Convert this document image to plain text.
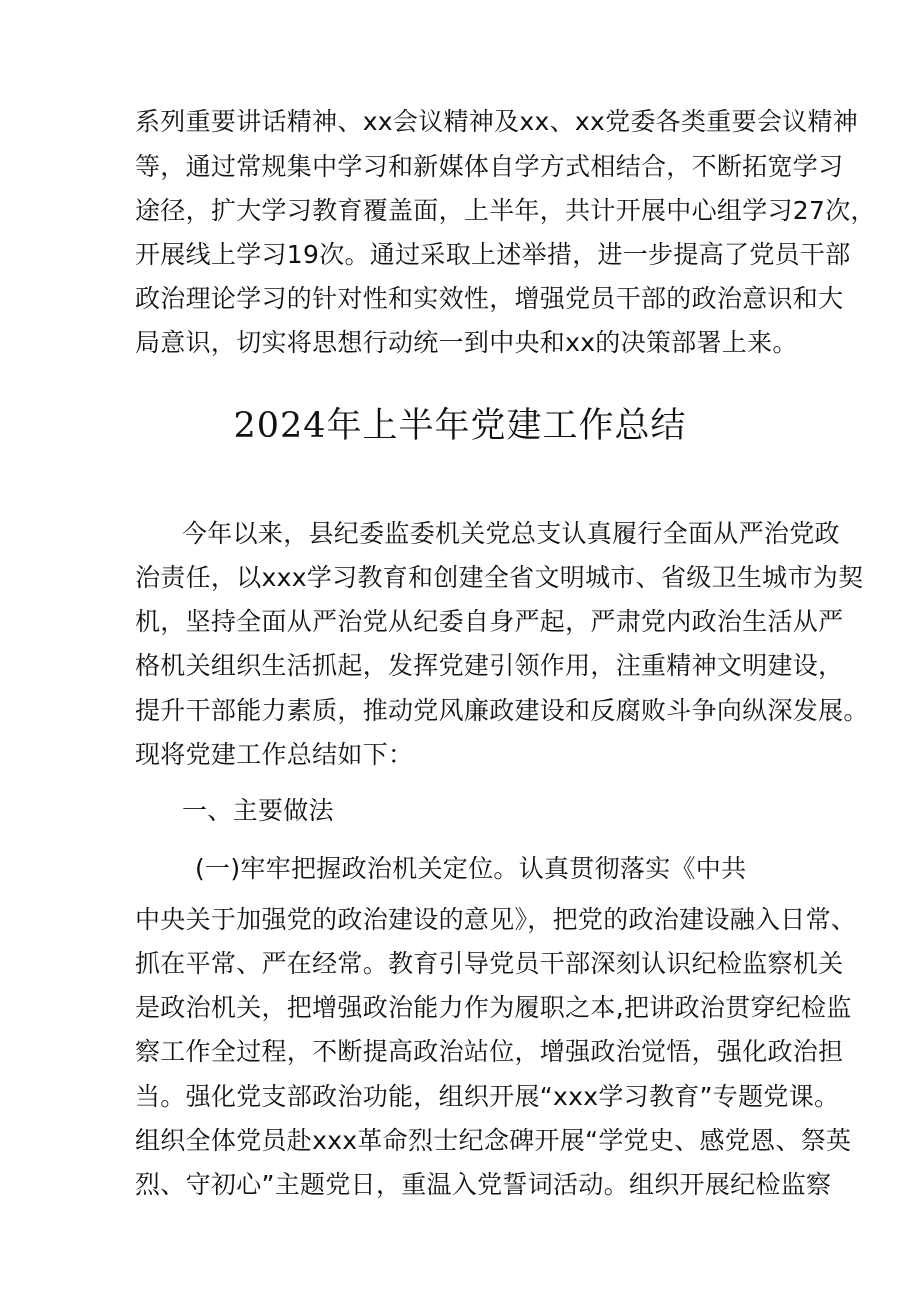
系列重要讲话精神、xx会议精神及xx、xx党委各类重要会议精神
等，通过常规集中学习和新媒体自学方式相结合，不断拓宽学习
途径，扩大学习教育覆盖面，上半年，共计开展中心组学习27次，
开展线上学习19次。通过采取上述举措，进一步提高了党员干部
政治理论学习的针对性和实效性，增强党员干部的政治意识和大
局意识，切实将思想行动统一到中央和xx的决策部署上来。
2024年上半年党建工作总结
今年以来，县纪委监委机关党总支认真履行全面从严治党政
治责任，以xxx学习教育和创建全省文明城市、省级卫生城市为契
机，坚持全面从严治党从纪委自身严起，严肃党内政治生活从严
格机关组织生活抓起，发挥党建引领作用，注重精神文明建设，
提升干部能力素质，推动党风廉政建设和反腐败斗争向纵深发展。
现将党建工作总结如下：
一、主要做法
(一)牢牢把握政治机关定位。认真贯彻落实《中共
中央关于加强党的政治建设的意见》，把党的政治建设融入日常、
抓在平常、严在经常。教育引导党员干部深刻认识纪检监察机关
是政治机关，把增强政治能力作为履职之本,把讲政治贯穿纪检监
察工作全过程，不断提高政治站位，增强政治觉悟，强化政治担
当。强化党支部政治功能，组织开展“xxx学习教育”专题党课。
组织全体党员赴xxx革命烈士纪念碑开展“学党史、感党恩、祭英
烈、守初心”主题党日，重温入党誓词活动。组织开展纪检监察
